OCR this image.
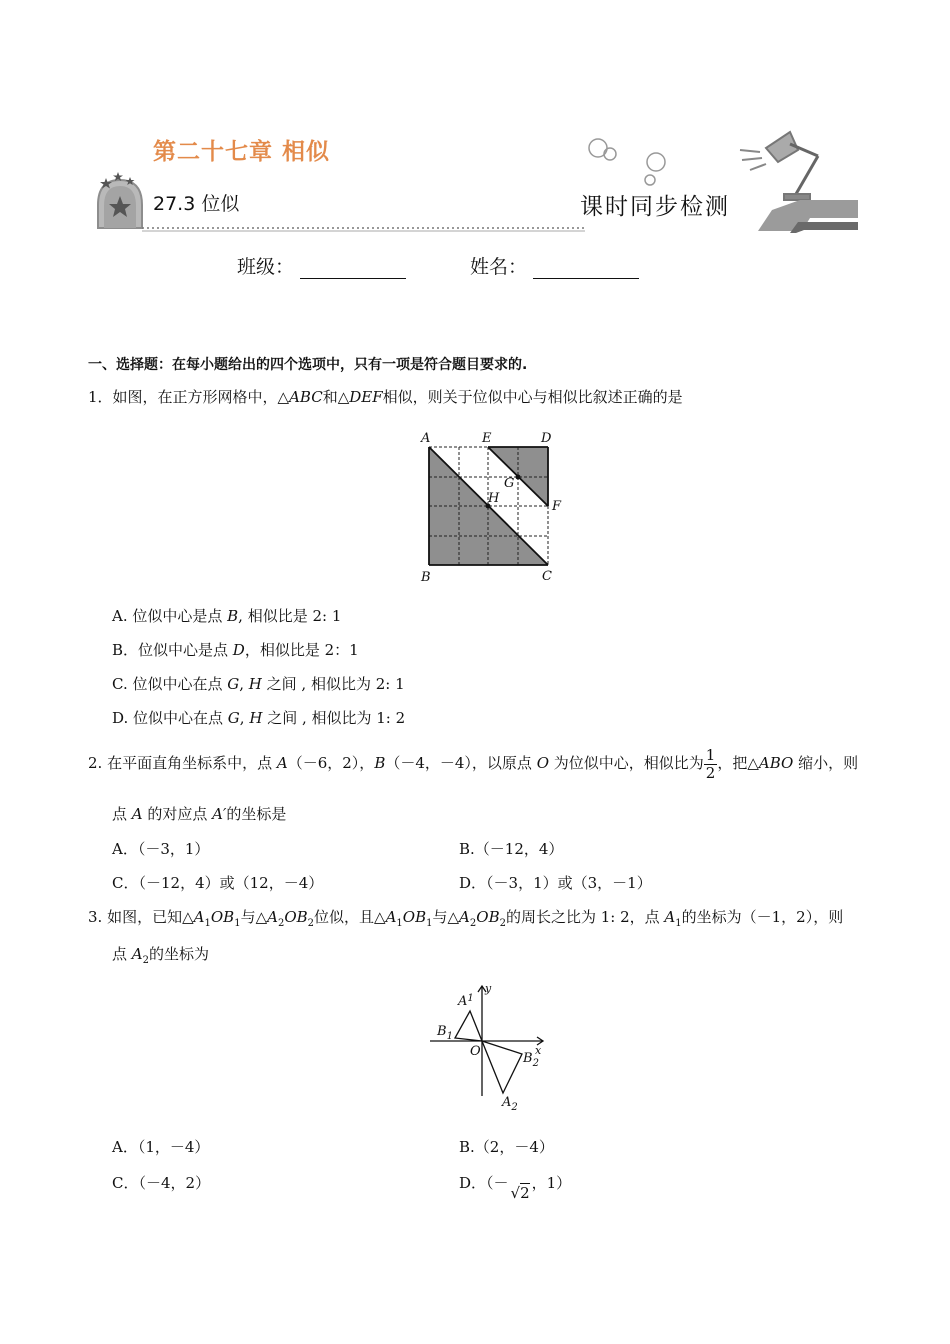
第二十七章 相似
27.3 位似	课时同步检测
班级：	姓名：
一、选择题：在每小题给出的四个选项中，只有一项是符合题目要求的.
1．如图，在正方形网格中，△ABC和△DEF相似，则关于位似中心与相似比叙述正确的是
A	E	D
G
H
F
B	C
A. 位似中心是点 B, 相似比是 2: 1
B．位似中心是点 D，相似比是 2：1
C. 位似中心在点 G, H 之间 , 相似比为 2: 1
D. 位似中心在点 G, H 之间 , 相似比为 1: 2
2. 在平面直角坐标系中，点 A（－6，2），B（－4，－4），以原点 O 为位似中心，相似比为 $\frac{1}{2}$ ，把△ABO 缩小，则
点 A 的对应点 A′的坐标是
A．（－3，1）	B.（－12，4）
C．（－12，4）或（12，－4）	D．（－3，1）或（3，－1）
3. 如图，已知$\triangle A_1OB_1$与$\triangle A_2OB_2$位似，且$\triangle A_1OB_1$与$\triangle A_2OB_2$的周长之比为 1: 2，点 $A_1$的坐标为（－1，2），则
点 $A_2$的坐标为
y
x
O
$A^1$
$B_1$
$B_2$
$A_2$
A．（1，－4）	B.（2，－4）
C．（－4，2）	D．（－√2，1）
